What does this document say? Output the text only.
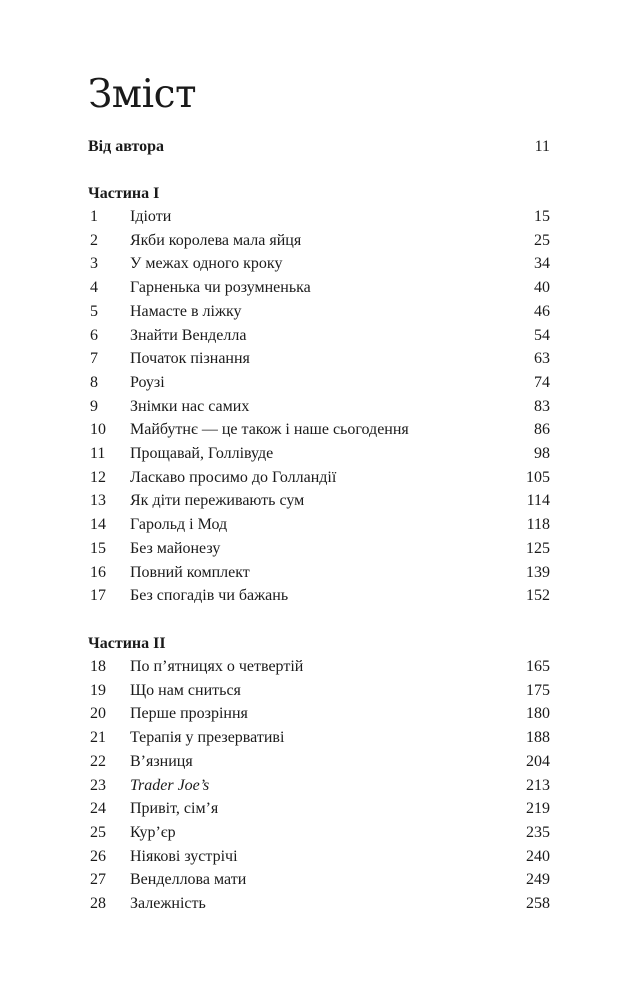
Зміст
Від автора	11
Частина I
1 Ідіоти	15
2 Якби королева мала яйця	25
3 У межах одного кроку	34
4 Гарненька чи розумненька	40
5 Намасте в ліжку	46
6 Знайти Венделла	54
7 Початок пізнання	63
8 Роузі	74
9 Знімки нас самих	83
10 Майбутнє — це також і наше сьогодення	86
11 Прощавай, Голлівуде	98
12 Ласкаво просимо до Голландії	105
13 Як діти переживають сум	114
14 Гарольд і Мод	118
15 Без майонезу	125
16 Повний комплект	139
17 Без спогадів чи бажань	152
Частина II
18 По п’ятницях о четвертій	165
19 Що нам сниться	175
20 Перше прозріння	180
21 Терапія у презервативі	188
22 В’язниця	204
23 Trader Joe’s	213
24 Привіт, сім’я	219
25 Кур’єр	235
26 Ніякові зустрічі	240
27 Венделлова мати	249
28 Залежність	258
